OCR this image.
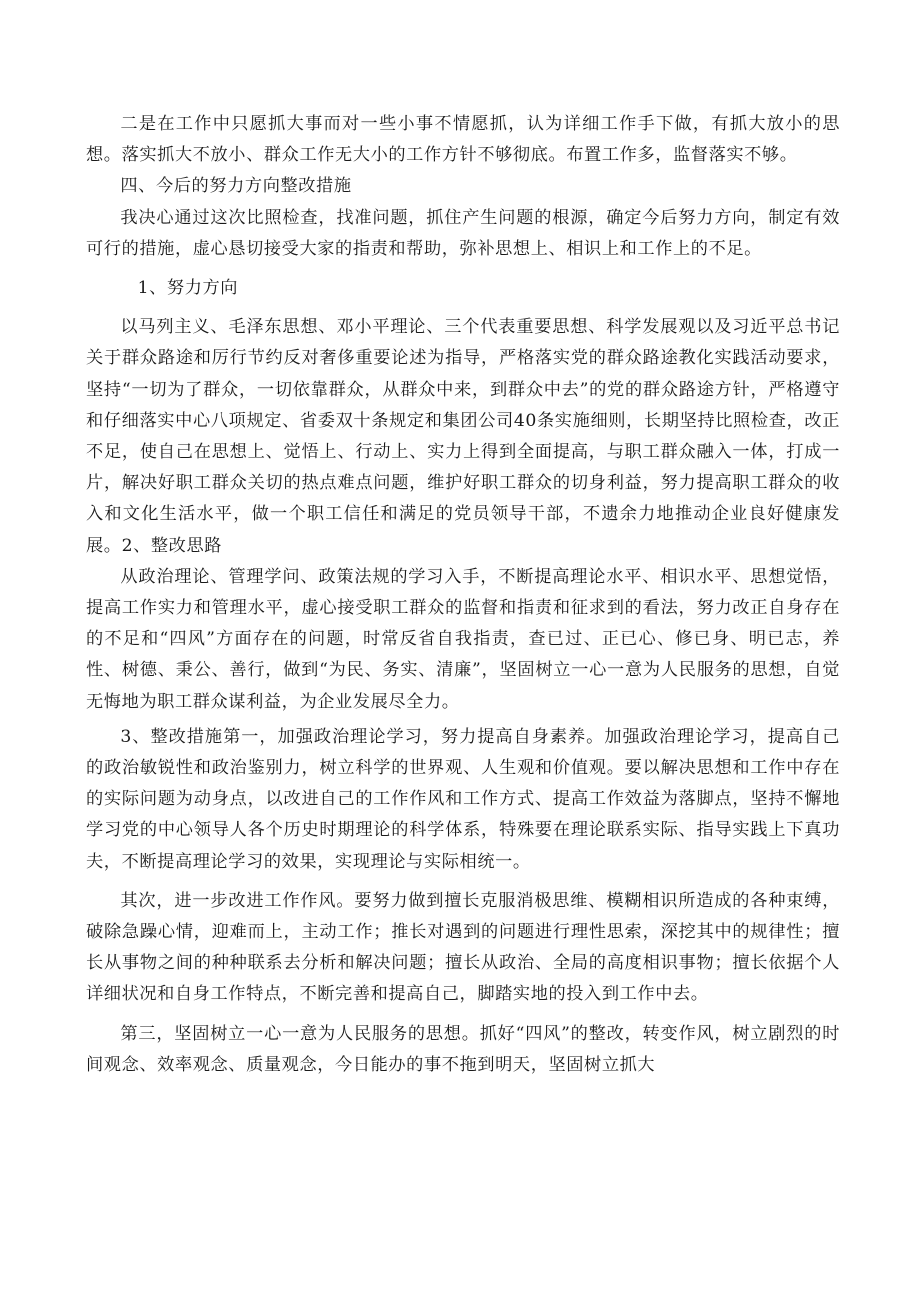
二是在工作中只愿抓大事而对一些小事不情愿抓，认为详细工作手下做，有抓大放小的思想。落实抓大不放小、群众工作无大小的工作方针不够彻底。布置工作多，监督落实不够。

四、今后的努力方向整改措施

我决心通过这次比照检查，找准问题，抓住产生问题的根源，确定今后努力方向，制定有效可行的措施，虚心恳切接受大家的指责和帮助，弥补思想上、相识上和工作上的不足。

1、努力方向

以马列主义、毛泽东思想、邓小平理论、三个代表重要思想、科学发展观以及习近平总书记关于群众路途和厉行节约反对奢侈重要论述为指导，严格落实党的群众路途教化实践活动要求，坚持“一切为了群众，一切依靠群众，从群众中来，到群众中去”的党的群众路途方针，严格遵守和仔细落实中心八项规定、省委双十条规定和集团公司40条实施细则，长期坚持比照检查，改正不足，使自己在思想上、觉悟上、行动上、实力上得到全面提高，与职工群众融入一体，打成一片，解决好职工群众关切的热点难点问题，维护好职工群众的切身利益，努力提高职工群众的收入和文化生活水平，做一个职工信任和满足的党员领导干部，不遗余力地推动企业良好健康发展。2、整改思路

从政治理论、管理学问、政策法规的学习入手，不断提高理论水平、相识水平、思想觉悟，提高工作实力和管理水平，虚心接受职工群众的监督和指责和征求到的看法，努力改正自身存在的不足和“四风”方面存在的问题，时常反省自我指责，查已过、正已心、修已身、明已志，养性、树德、秉公、善行，做到“为民、务实、清廉”，坚固树立一心一意为人民服务的思想，自觉无悔地为职工群众谋利益，为企业发展尽全力。

3、整改措施第一，加强政治理论学习，努力提高自身素养。加强政治理论学习，提高自己的政治敏锐性和政治鉴别力，树立科学的世界观、人生观和价值观。要以解决思想和工作中存在的实际问题为动身点，以改进自己的工作作风和工作方式、提高工作效益为落脚点，坚持不懈地学习党的中心领导人各个历史时期理论的科学体系，特殊要在理论联系实际、指导实践上下真功夫，不断提高理论学习的效果，实现理论与实际相统一。

其次，进一步改进工作作风。要努力做到擅长克服消极思维、模糊相识所造成的各种束缚，破除急躁心情，迎难而上，主动工作；推长对遇到的问题进行理性思索，深挖其中的规律性；擅长从事物之间的种种联系去分析和解决问题；擅长从政治、全局的高度相识事物；擅长依据个人详细状况和自身工作特点，不断完善和提高自己，脚踏实地的投入到工作中去。

第三，坚固树立一心一意为人民服务的思想。抓好“四风”的整改，转变作风，树立剧烈的时间观念、效率观念、质量观念，今日能办的事不拖到明天，坚固树立抓大
